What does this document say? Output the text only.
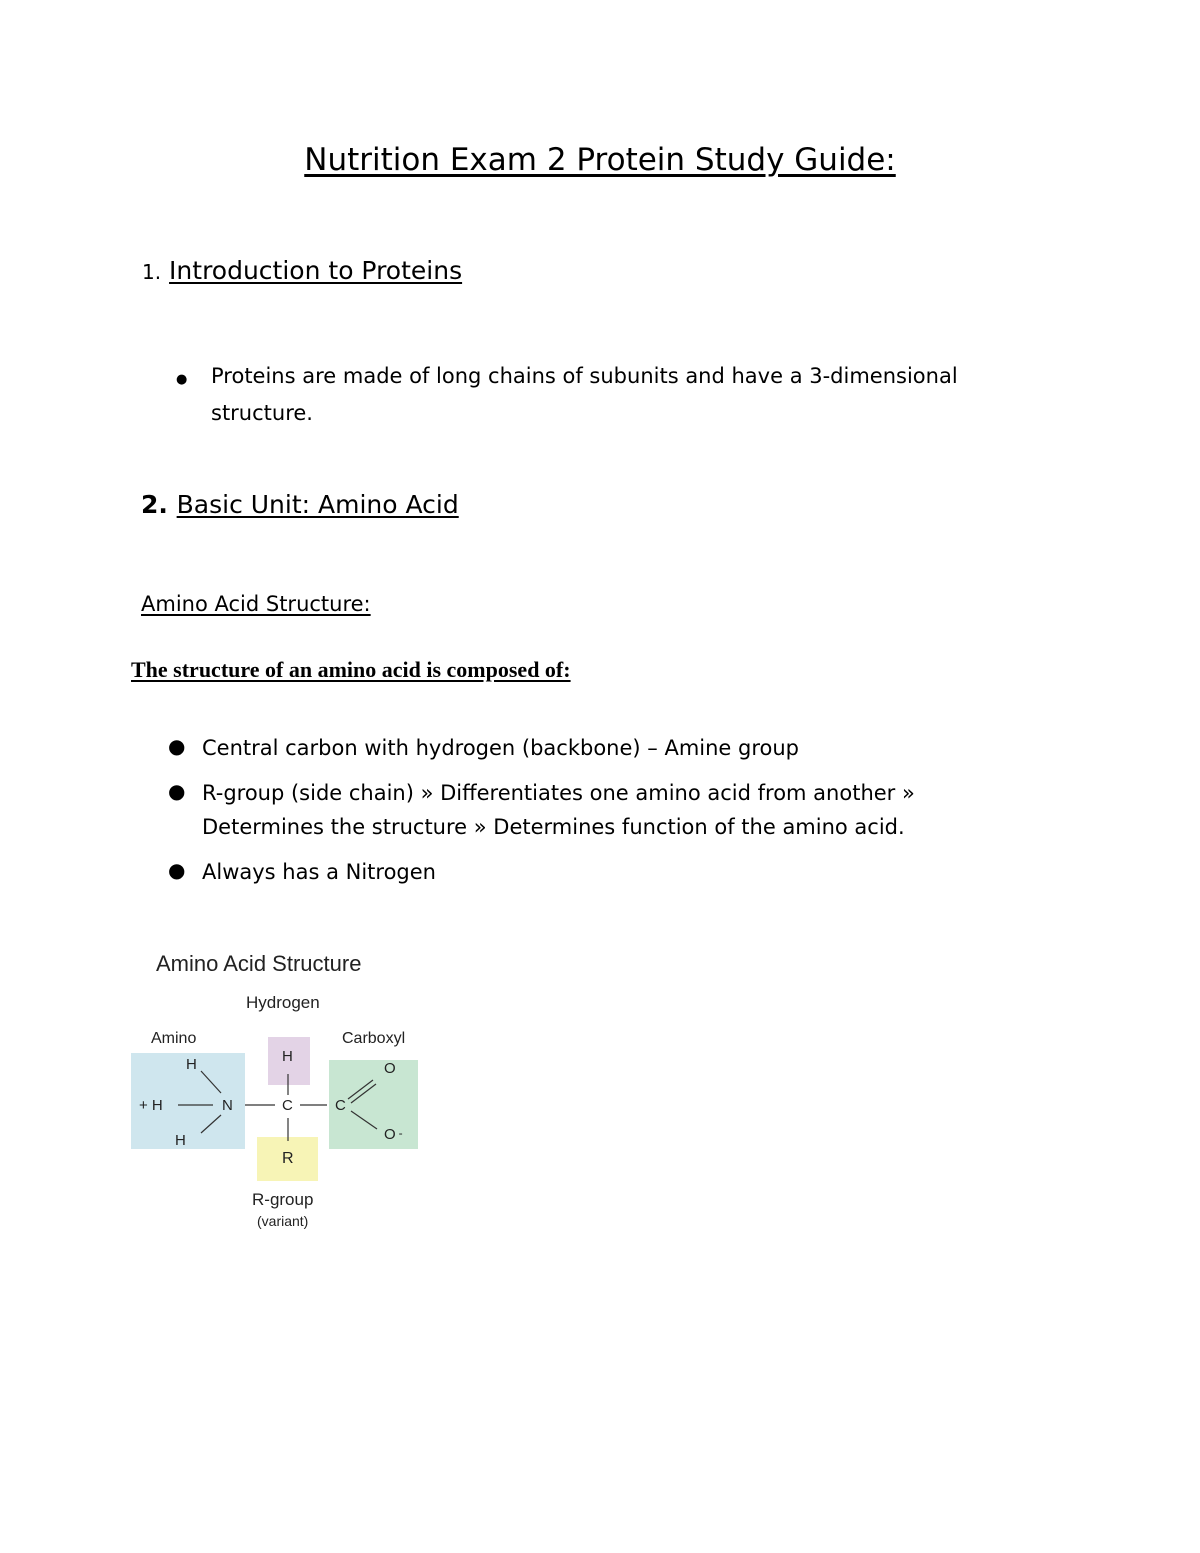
Nutrition Exam 2 Protein Study Guide:
1. Introduction to Proteins
● Proteins are made of long chains of subunits and have a 3-dimensional structure.
2. Basic Unit: Amino Acid
Amino Acid Structure:
The structure of an amino acid is composed of:
● Central carbon with hydrogen (backbone) – Amine group
● R-group (side chain) » Differentiates one amino acid from another » Determines the structure » Determines function of the amino acid.
● Always has a Nitrogen
Amino Acid Structure
Hydrogen
Amino	Carboxyl
H
+ H	N
H
H
C
R
C
O
O -
R-group
(variant)
